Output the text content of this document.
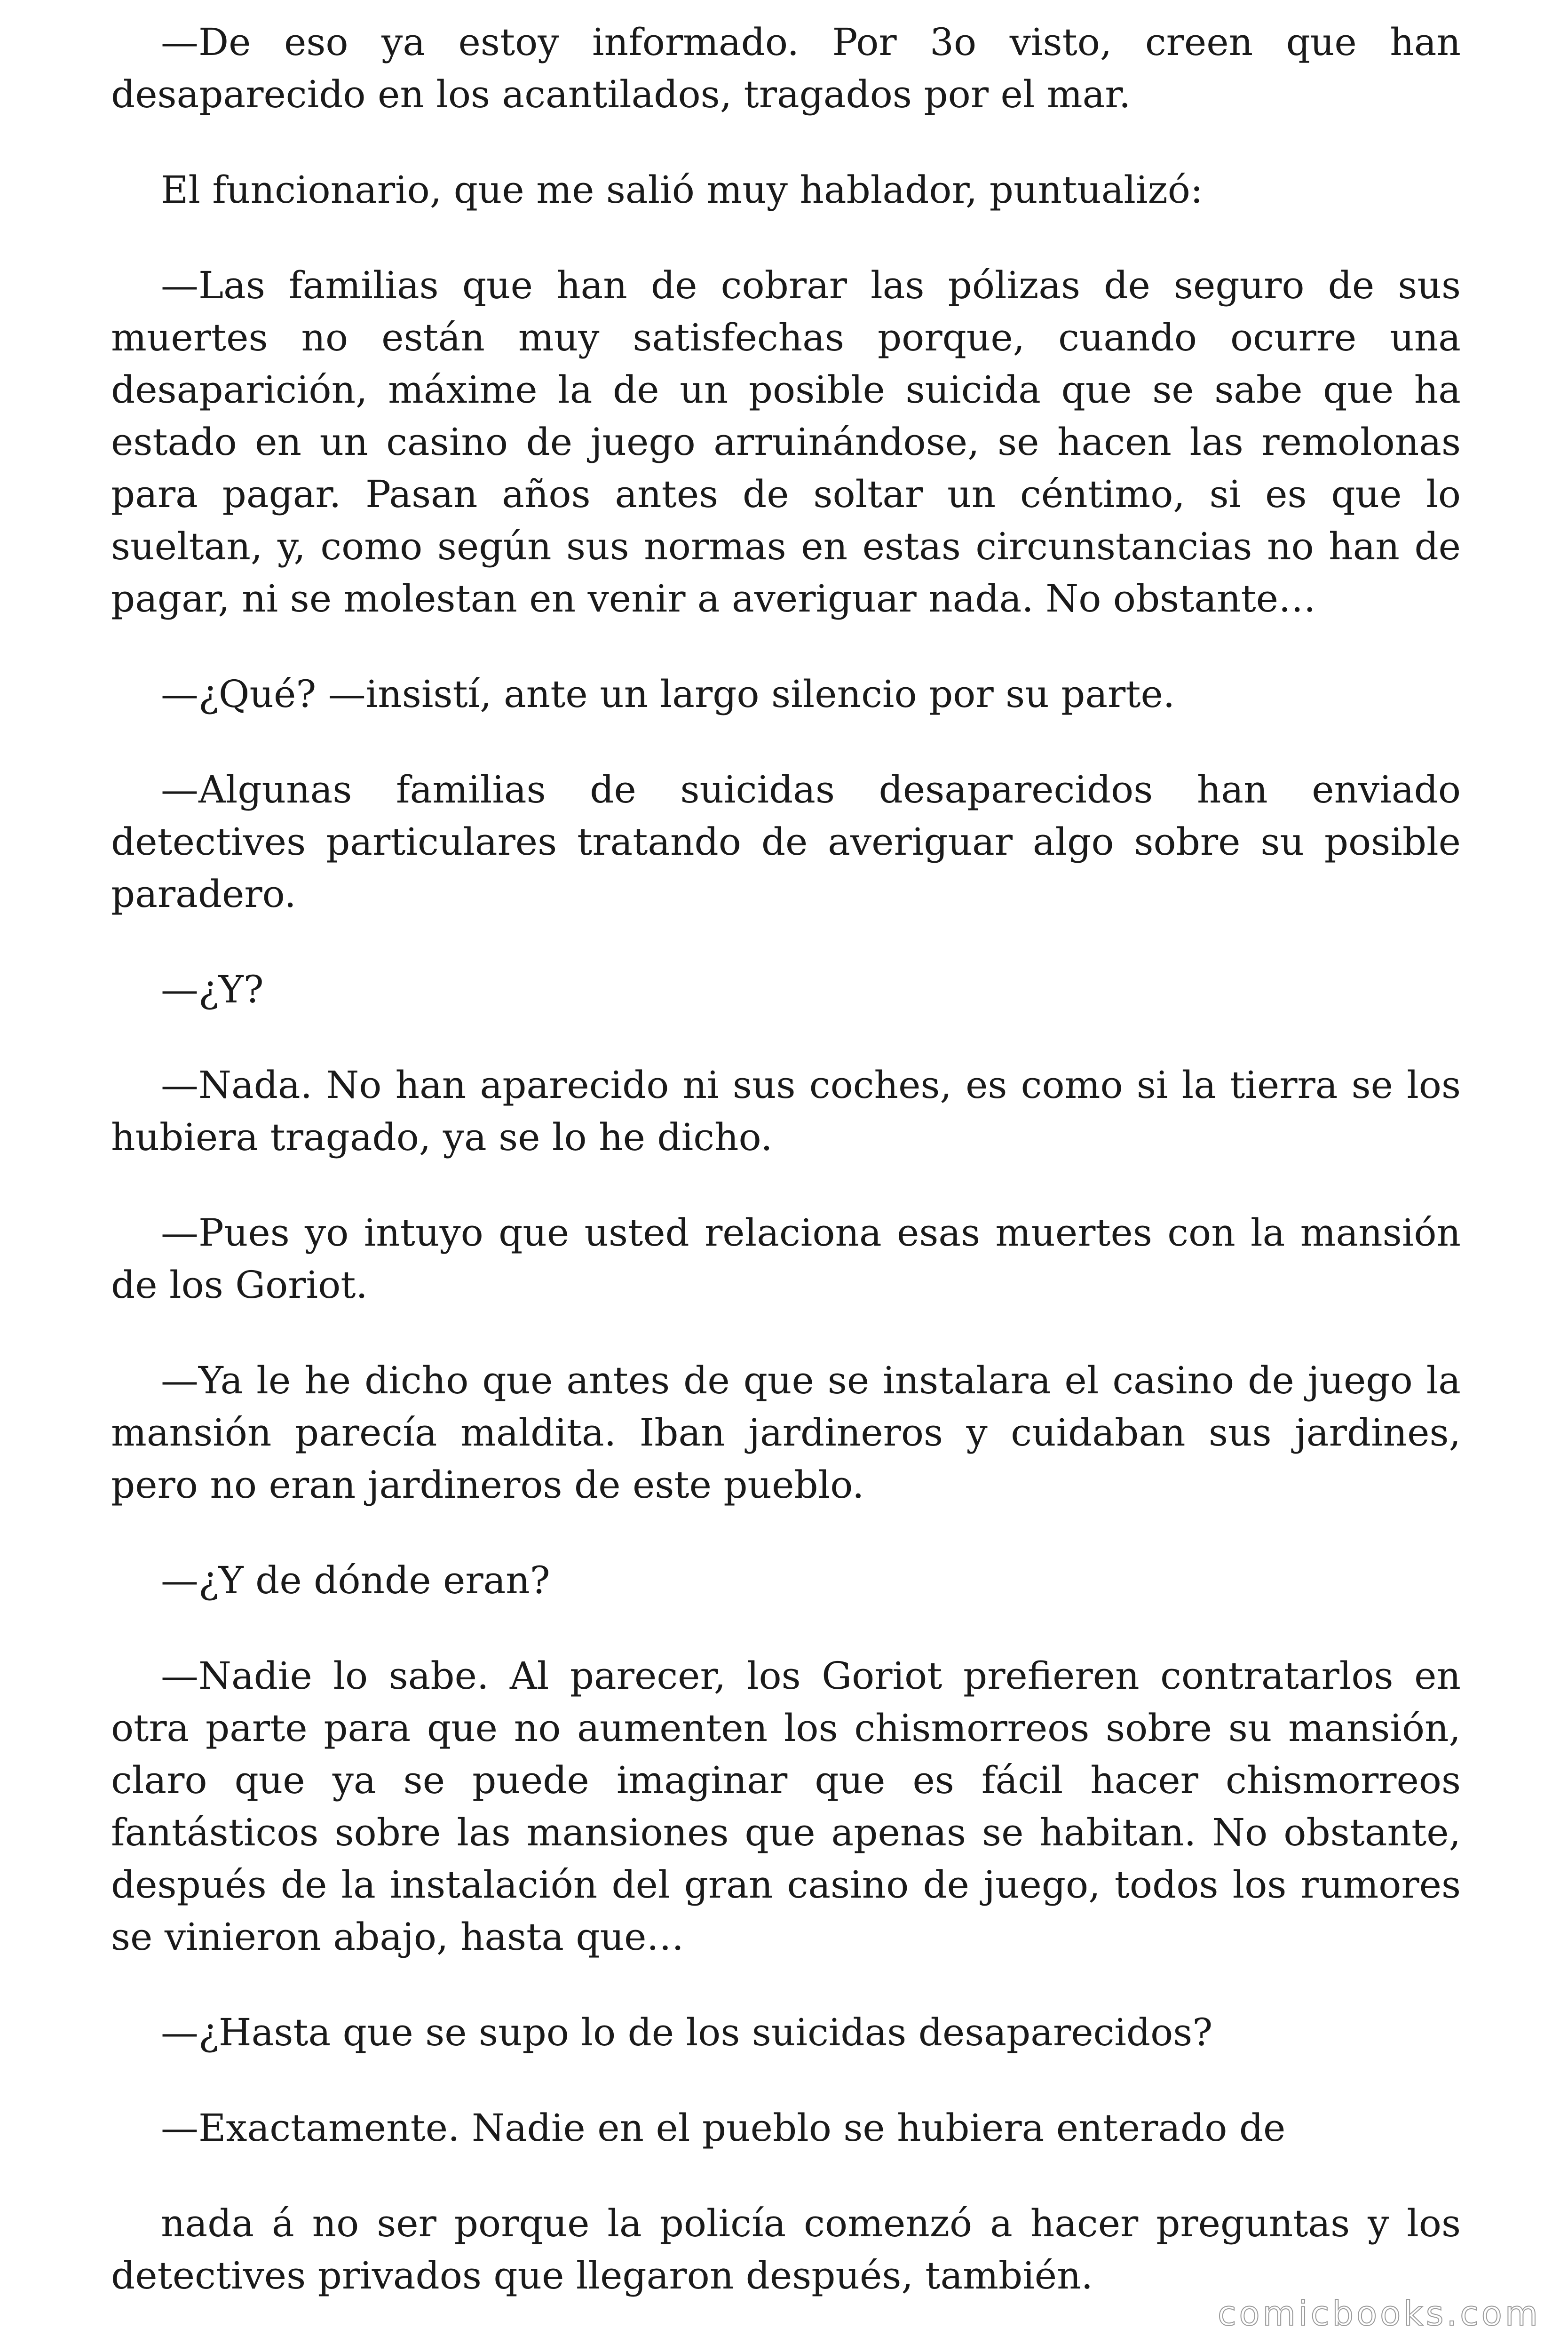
—De eso ya estoy informado. Por 3o visto, creen que han desaparecido en los acantilados, tragados por el mar.

El funcionario, que me salió muy hablador, puntualizó:

—Las familias que han de cobrar las pólizas de seguro de sus muertes no están muy satisfechas porque, cuando ocurre una desaparición, máxime la de un posible suicida que se sabe que ha estado en un casino de juego arruinándose, se hacen las remolonas para pagar. Pasan años antes de soltar un céntimo, si es que lo sueltan, y, como según sus normas en estas circunstancias no han de pagar, ni se molestan en venir a averiguar nada. No obstante…

—¿Qué? —insistí, ante un largo silencio por su parte.

—Algunas familias de suicidas desaparecidos han enviado detectives particulares tratando de averiguar algo sobre su posible paradero.

—¿Y?

—Nada. No han aparecido ni sus coches, es como si la tierra se los hubiera tragado, ya se lo he dicho.

—Pues yo intuyo que usted relaciona esas muertes con la mansión de los Goriot.

—Ya le he dicho que antes de que se instalara el casino de juego la mansión parecía maldita. Iban jardineros y cuidaban sus jardines, pero no eran jardineros de este pueblo.

—¿Y de dónde eran?

—Nadie lo sabe. Al parecer, los Goriot prefieren contratarlos en otra parte para que no aumenten los chismorreos sobre su mansión, claro que ya se puede imaginar que es fácil hacer chismorreos fantásticos sobre las mansiones que apenas se habitan. No obstante, después de la instalación del gran casino de juego, todos los rumores se vinieron abajo, hasta que…

—¿Hasta que se supo lo de los suicidas desaparecidos?

—Exactamente. Nadie en el pueblo se hubiera enterado de

nada á no ser porque la policía comenzó a hacer preguntas y los detectives privados que llegaron después, también.

comicbooks.com
